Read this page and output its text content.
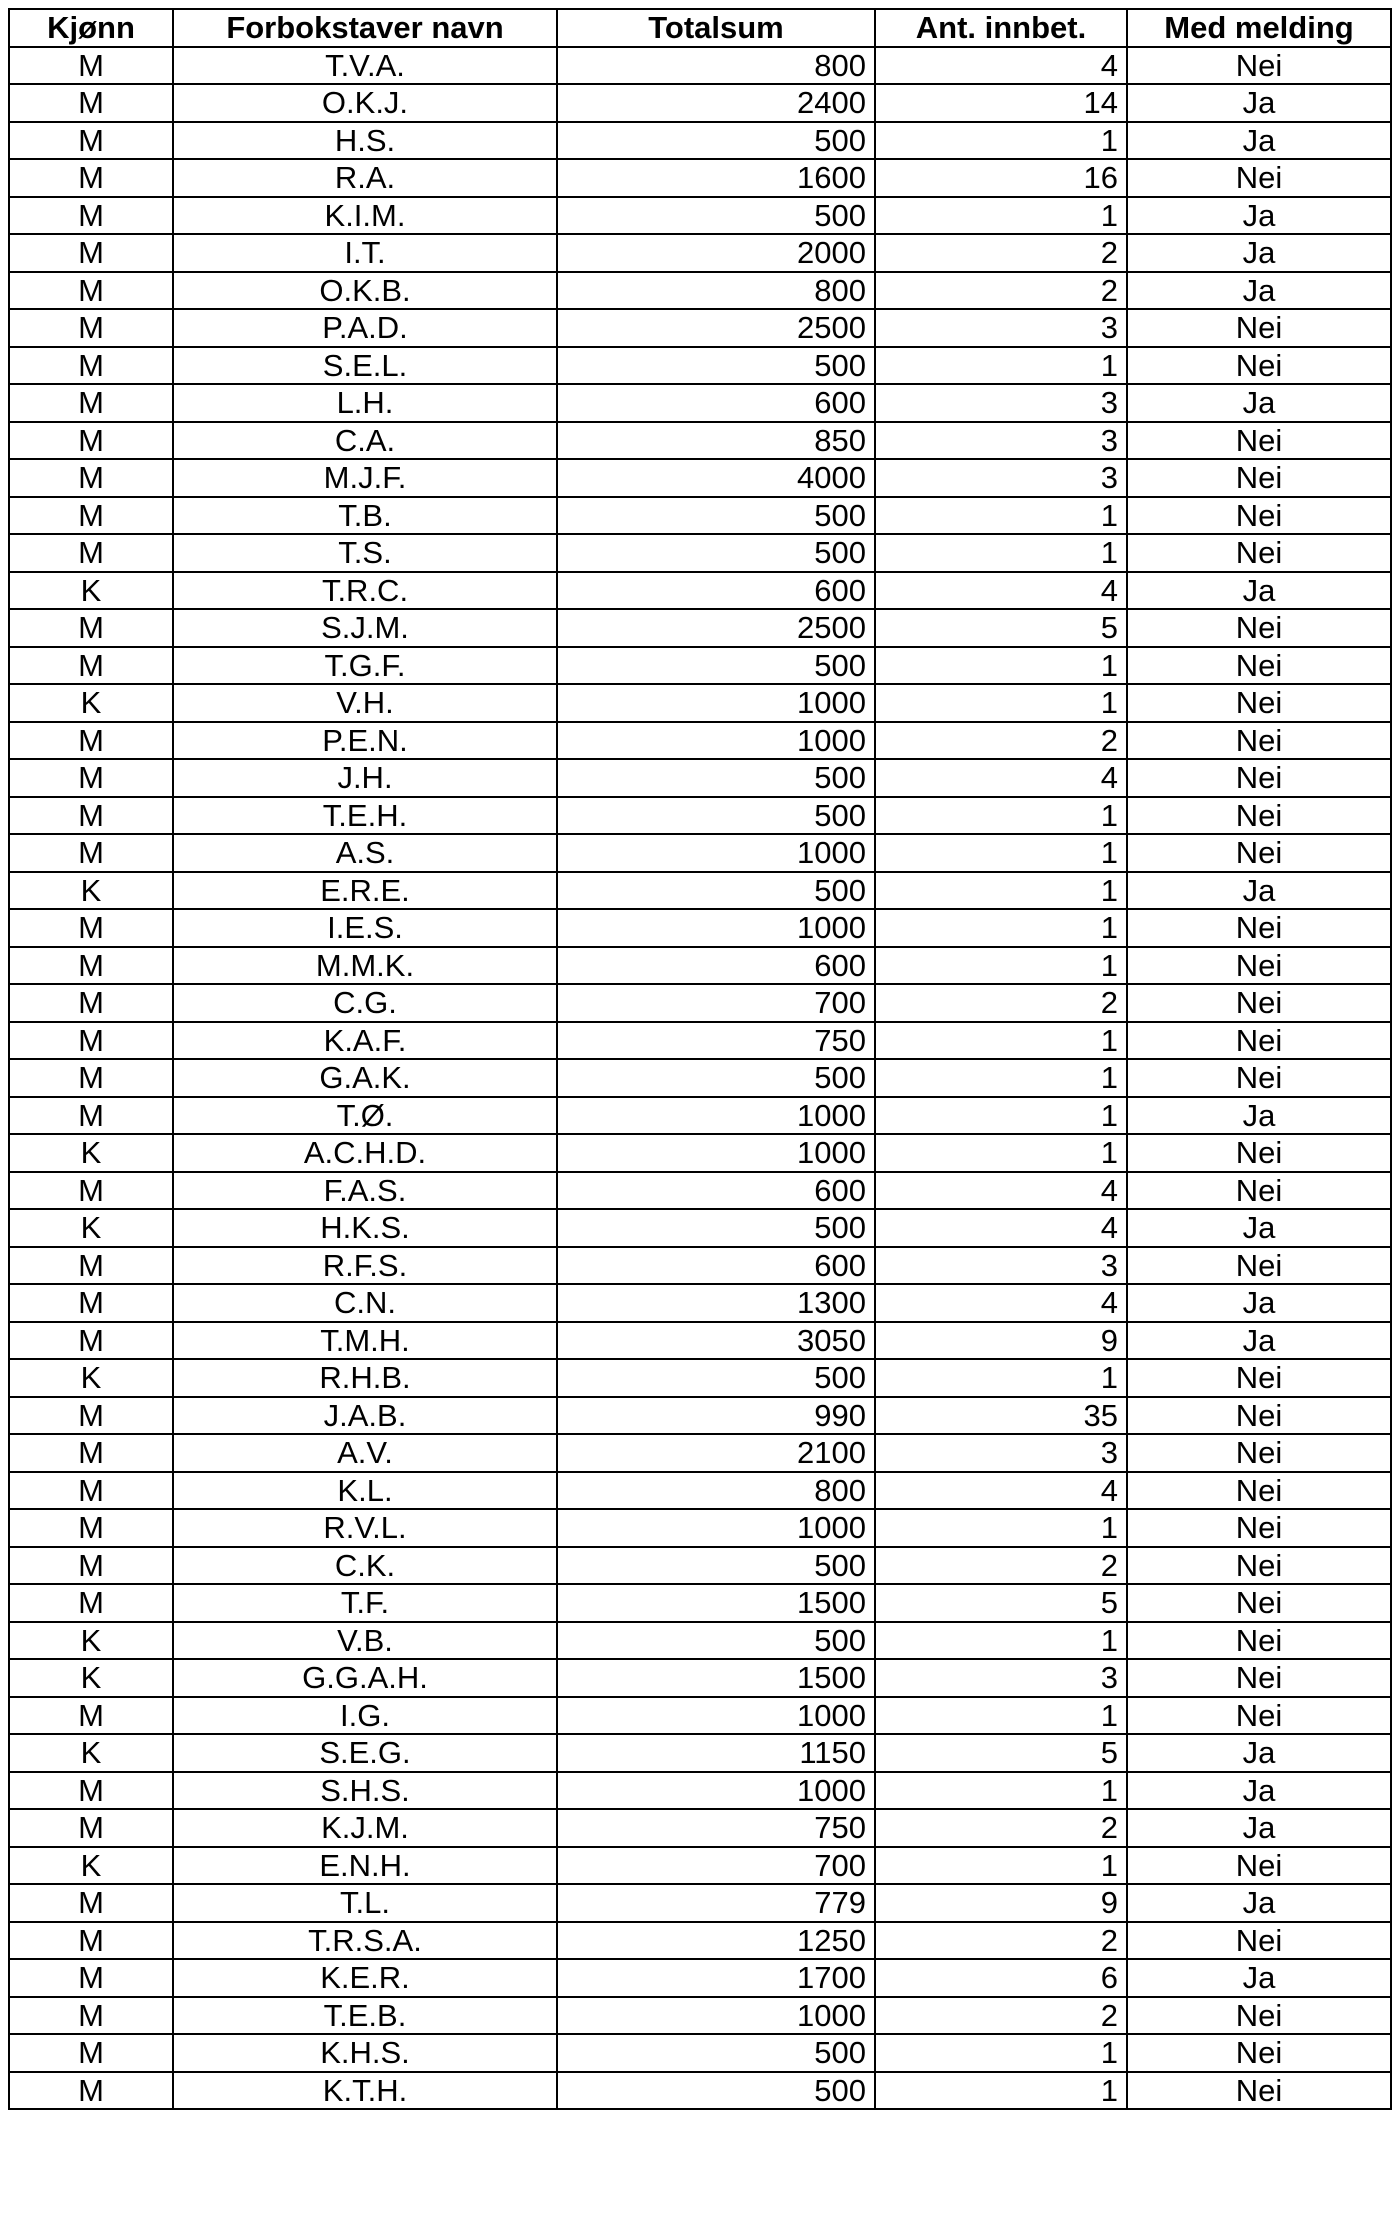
Kjønn	Forbokstaver navn	Totalsum	Ant. innbet.	Med melding
M	T.V.A.	800	4	Nei
M	O.K.J.	2400	14	Ja
M	H.S.	500	1	Ja
M	R.A.	1600	16	Nei
M	K.I.M.	500	1	Ja
M	I.T.	2000	2	Ja
M	O.K.B.	800	2	Ja
M	P.A.D.	2500	3	Nei
M	S.E.L.	500	1	Nei
M	L.H.	600	3	Ja
M	C.A.	850	3	Nei
M	M.J.F.	4000	3	Nei
M	T.B.	500	1	Nei
M	T.S.	500	1	Nei
K	T.R.C.	600	4	Ja
M	S.J.M.	2500	5	Nei
M	T.G.F.	500	1	Nei
K	V.H.	1000	1	Nei
M	P.E.N.	1000	2	Nei
M	J.H.	500	4	Nei
M	T.E.H.	500	1	Nei
M	A.S.	1000	1	Nei
K	E.R.E.	500	1	Ja
M	I.E.S.	1000	1	Nei
M	M.M.K.	600	1	Nei
M	C.G.	700	2	Nei
M	K.A.F.	750	1	Nei
M	G.A.K.	500	1	Nei
M	T.Ø.	1000	1	Ja
K	A.C.H.D.	1000	1	Nei
M	F.A.S.	600	4	Nei
K	H.K.S.	500	4	Ja
M	R.F.S.	600	3	Nei
M	C.N.	1300	4	Ja
M	T.M.H.	3050	9	Ja
K	R.H.B.	500	1	Nei
M	J.A.B.	990	35	Nei
M	A.V.	2100	3	Nei
M	K.L.	800	4	Nei
M	R.V.L.	1000	1	Nei
M	C.K.	500	2	Nei
M	T.F.	1500	5	Nei
K	V.B.	500	1	Nei
K	G.G.A.H.	1500	3	Nei
M	I.G.	1000	1	Nei
K	S.E.G.	1150	5	Ja
M	S.H.S.	1000	1	Ja
M	K.J.M.	750	2	Ja
K	E.N.H.	700	1	Nei
M	T.L.	779	9	Ja
M	T.R.S.A.	1250	2	Nei
M	K.E.R.	1700	6	Ja
M	T.E.B.	1000	2	Nei
M	K.H.S.	500	1	Nei
M	K.T.H.	500	1	Nei
